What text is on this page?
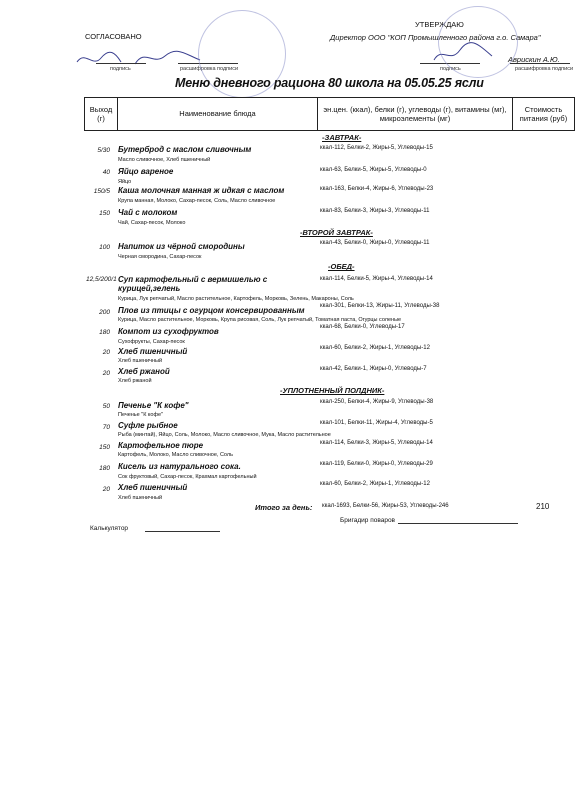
СОГЛАСОВАНО
УТВЕРЖДАЮ
Директор ООО "КОП Промышленного района г.о. Самара"
подпись	расшифровка подписи	подпись
Аврискин А.Ю.
расшифровка подписи
Меню дневного рациона 80 школа на 05.05.25 ясли
Выход (г)	Наименование блюда	эн.цен. (ккал), белки (г), углеводы (г), витамины (мг), микроэлементы (мг)	Стоимость питания (руб)
-ЗАВТРАК-
5/30 Бутерброд с маслом сливочным
Масло сливочное, Хлеб пшеничный
ккал-112, Белки-2, Жиры-5, Углеводы-15
40 Яйцо вареное
Яйцо
ккал-63, Белки-5, Жиры-5, Углеводы-0
150/5 Каша молочная манная ж идкая с маслом
Крупа манная, Молоко, Сахар-песок, Соль, Масло сливочное
ккал-163, Белки-4, Жиры-6, Углеводы-23
150 Чай с молоком
Чай, Сахар-песок, Молоко
ккал-83, Белки-3, Жиры-3, Углеводы-11
-ВТОРОЙ ЗАВТРАК-
100 Напиток из чёрной смородины
Черная смородина, Сахар-песок
ккал-43, Белки-0, Жиры-0, Углеводы-11
-ОБЕД-
12,5/200/1 Суп картофельный с вермишелью с курицей,зелень
Курица, Лук репчатый, Масло растительное, Картофель, Морковь, Зелень, Макароны, Соль
ккал-114, Белки-5, Жиры-4, Углеводы-14
200 Плов из птицы с огурцом консервированным
Курица, Масло растительное, Морковь, Крупа рисовая, Соль, Лук репчатый, Томатная паста, Огурцы соленые
ккал-301, Белки-13, Жиры-11, Углеводы-38
180 Компот из сухофруктов
Сухофрукты, Сахар-песок
ккал-68, Белки-0, Углеводы-17
20 Хлеб пшеничный
Хлеб пшеничный
ккал-60, Белки-2, Жиры-1, Углеводы-12
20 Хлеб ржаной
Хлеб ржаной
ккал-42, Белки-1, Жиры-0, Углеводы-7
-УПЛОТНЕННЫЙ ПОЛДНИК-
50 Печенье "К кофе"
Печенье "К кофе"
ккал-250, Белки-4, Жиры-9, Углеводы-38
70 Суфле рыбное
Рыба (минтай), Яйцо, Соль, Молоко, Масло сливочное, Мука, Масло растительное
ккал-101, Белки-11, Жиры-4, Углеводы-5
150 Картофельное пюре
Картофель, Молоко, Масло сливочное, Соль
ккал-114, Белки-3, Жиры-5, Углеводы-14
180 Кисель из натурального сока.
Сок фруктовый, Сахар-песок, Крахмал картофельный
ккал-119, Белки-0, Жиры-0, Углеводы-29
20 Хлеб пшеничный
Хлеб пшеничный
ккал-60, Белки-2, Жиры-1, Углеводы-12
Итого за день: ккал-1693, Белки-56, Жиры-53, Углеводы-246	210
Калькулятор
Бригадир поваров
